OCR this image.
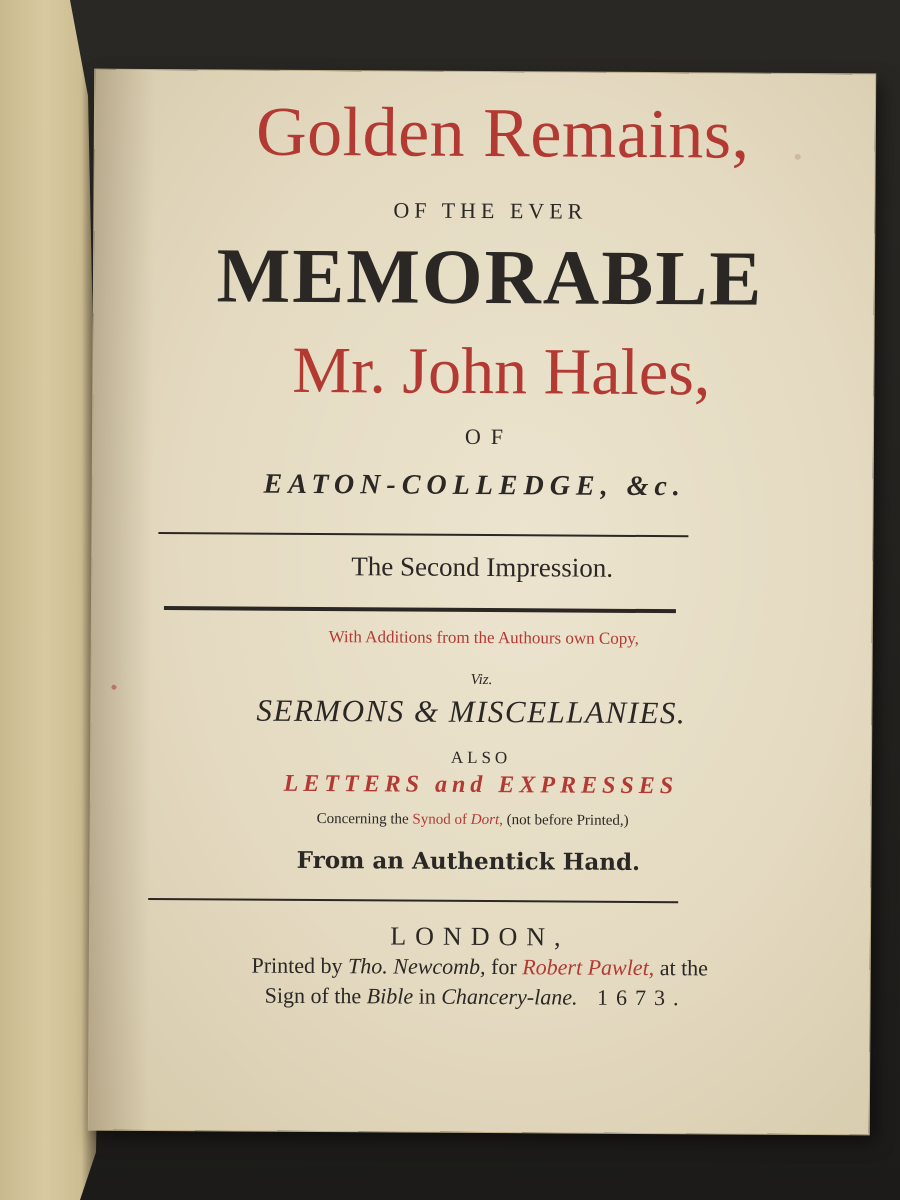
Golden Remains,
OF THE EVER
MEMORABLE
Mr. John Hales,
OF
EATON-COLLEDGE, &c.
The Second Impression.
With Additions from the Authours own Copy,
Viz.
SERMONS & MISCELLANIES.
ALSO
LETTERS and EXPRESSES
Concerning the Synod of Dort, (not before Printed,)
From an Authentick Hand.
LONDON,
Printed by Tho. Newcomb, for Robert Pawlet, at the
Sign of the Bible in Chancery-lane. 1673.
